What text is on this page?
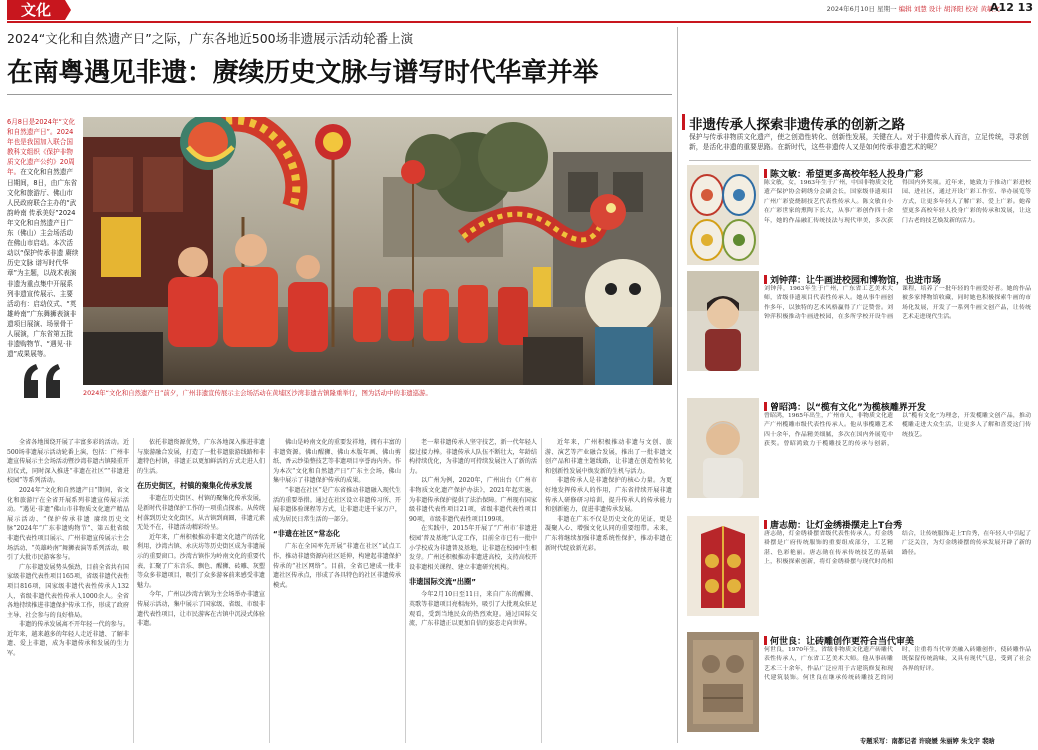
文化	2024年6月10日 星期一 编辑 刘慧 设计 胡泽阳 校对 黄敏文
A12 13
2024“文化和自然遗产日”之际，广东各地近500场非遗展示活动轮番上演
在南粤遇见非遗：赓续历史文脉与谱写时代华章并举
6月8日是2024年“文化和自然遗产日”。2024年也是我国加入联合国教科文组织《保护非物质文化遗产公约》20周年。在文化和自然遗产日期间，8日，由广东省文化和旅游厅、佛山市人民政府联合主办的“武韵岭南 传承美好”2024年文化和自然遗产日广东（佛山）主会场活动在佛山市启动。本次活动以“保护传承非遗 赓续历史文脉 谱写时代华章”为主题，以战术表演非遗为重点集中开展系列非遗宣传展示、主要活动有：启动仪式、“英雄岭南”广东舞狮表演非遗项目展演、场景骨干人展演，广东省第五批非遗购物节、“遇见·非遗”成果展等。
2024年“文化和自然遗产日”前夕，广州非遗宣传展示主会场活动在黄埔区沙湾非遗古镇隆重举行，图为活动中的非遗巡游。

全省各地围绕开展了丰富多彩的活动。近500场非遗展示活动轮番上演，包括：广州非遗宣传展示主会场活动暨沙湾非遗古镇隆重开启仪式，同时深入推进“非遗在社区”“非遗进校园”等系列活动。

2024年“文化和自然遗产日”期间，省文化和旅游厅在全省开展系列非遗宣传展示活动。“遇见·非遗”佛山市非物质文化遗产精品展示活动、“保护传承非遗 赓续历史文脉”2024年“广东非遗购物节”、第五批省级非遗代表性项目展示、广州非遗宣传展示主会场活动、“英雄岭南”舞狮表演等系列活动，吸引了大批市民游客参与。

广东非遗发展势头强劲，目前全省共有国家级非遗代表性项目165项，省级非遗代表性项目816项，国家级非遗代表性传承人132人，省级非遗代表性传承人1000余人。全省各地持续推进非遗保护传承工作，形成了政府主导、社会参与的良好格局。

非遗的传承发展离不开年轻一代的参与。近年来，越来越多的年轻人走近非遗、了解非遗、爱上非遗，成为非遗传承和发展的生力军。

依托非遗资源优势，广东各地深入推进非遗与旅游融合发展，打造了一批非遗旅游线路和非遗特色村镇，非遗正以更加鲜活的方式走进人们的生活。

在历史街区，村镇的聚集化传承发展

非遗在历史街区、村镇的聚集化传承发展，是新时代非遗保护工作的一项重点探索。从传统村落到历史文化街区，从古镇到商圈，非遗元素无处不在，非遗活动精彩纷呈。

近年来，广州积极推动非遗文化遗产的活化利用，沙湾古镇、永庆坊等历史街区成为非遗展示的重要窗口。沙湾古镇作为岭南文化的重要代表，汇聚了广东音乐、飘色、醒狮、砖雕、灰塑等众多非遗项目，吸引了众多游客前来感受非遗魅力。

今年，广州以沙湾古镇为主会场举办非遗宣传展示活动，集中展示了国家级、省级、市级非遗代表性项目，让市民游客在古镇中沉浸式体验非遗。

佛山是岭南文化的重要发祥地，拥有丰富的非遗资源。佛山醒狮、佛山木版年画、佛山剪纸、香云纱染整技艺等非遗项目享誉海内外。作为本次“文化和自然遗产日”广东主会场，佛山集中展示了非遗保护传承的成果。

“非遗在社区”是广东省推动非遗融入现代生活的重要举措。通过在社区设立非遗传习所、开展非遗体验课程等方式，让非遗走进千家万户，成为居民日常生活的一部分。

“非遗在社区”常态化

广东在全国率先开展“非遗在社区”试点工作，推动非遗资源向社区延伸，构建起非遗保护传承的“社区网络”。目前，全省已建成一批非遗社区传承点，形成了各具特色的社区非遗传承模式。

老一辈非遗传承人坚守技艺，新一代年轻人接过接力棒。非遗传承人队伍不断壮大，年龄结构持续优化，为非遗的可持续发展注入了新的活力。

以广州为例，2020年，广州出台《广州市非物质文化遗产保护办法》，2021年起实施，为非遗传承保护提供了法治保障。广州现有国家级非遗代表性项目21项，省级非遗代表性项目90项，市级非遗代表性项目199项。

在实践中，2015年开展了“广州市‘非遗进校园’普及基地”认定工作，目前全市已有一批中小学校成为非遗普及基地，让非遗在校园中生根发芽。广州还积极推动非遗进高校，支持高校开设非遗相关课程、建立非遗研究机构。

非遗国际交流“出圈”

今年2月10日至11日，来自广东的醒狮、英歌等非遗项目亮相海外，吸引了大批观众驻足观看，受到当地民众的热烈欢迎。通过国际交流，广东非遗正以更加自信的姿态走向世界。

近年来，广州积极推动非遗与文创、旅游、演艺等产业融合发展，推出了一批非遗文创产品和非遗主题线路，让非遗在创造性转化和创新性发展中焕发新的生机与活力。

非遗传承人是非遗保护的核心力量。为更好地发挥传承人的作用，广东省持续开展非遗传承人研修研习培训，提升传承人的传承能力和创新能力，促进非遗传承发展。

非遗在广东不仅是历史文化的见证，更是凝聚人心、增强文化认同的重要纽带。未来，广东将继续加强非遗系统性保护，推动非遗在新时代绽放新光彩。

非遗传承人探索非遗传承的创新之路
保护与传承非物质文化遗产，使之创造性转化、创新性发展，关键在人。对于非遗传承人而言，立足传统，寻求创新，是活化非遗的重要思路。在新时代，这些非遗传人又是如何传承非遗艺术的呢？
陈文敏：希望更多高校年轻人投身广彩
陈文敏，女，1963年生于广州，中国非物质文化遗产保护协会刺绣分会副会长，国家级非遗项目广州广彩瓷烧制技艺代表性传承人。陈文敏自小在广彩世家的熏陶下长大，从事广彩创作四十余年，她的作品融汇传统技法与现代审美，多次获得国内外奖项。近年来，她致力于推动广彩进校园、进社区，通过开设广彩工作室、举办展览等方式，让更多年轻人了解广彩、爱上广彩。她希望更多高校年轻人投身广彩的传承和发展，让这门古老的技艺焕发新的活力。
刘钟萍：让牛画进校园和博物馆，也进市场
刘钟萍，1963年生于广州，广东省工艺美术大师，省级非遗项目代表性传承人。她从事牛画创作多年，以独特的艺术风格赢得了广泛赞誉。刘钟萍积极推动牛画进校园，在多所学校开设牛画课程，培养了一批年轻的牛画爱好者。她的作品被多家博物馆收藏，同时她也积极探索牛画的市场化发展，开发了一系列牛画文创产品，让传统艺术走进现代生活。
曾昭鸿：以“榄有文化”为榄核雕界开发
曾昭鸿，1965年出生，广州市人，非物质文化遗产广州榄雕市级代表性传承人。他从事榄雕艺术四十余年，作品精美细腻，多次在国内外展览中获奖。曾昭鸿致力于榄雕技艺的传承与创新，以“榄有文化”为理念，开发榄雕文创产品，推动榄雕走进大众生活，让更多人了解和喜爱这门传统技艺。
唐志勋：让灯金绣褂摆走上T台秀
唐志勋，灯金绣褂摆省级代表性传承人。灯金绣褂摆是广府传统服饰的重要组成部分，工艺精湛、色彩艳丽。唐志勋在传承传统技艺的基础上，积极探索创新，将灯金绣褂摆与现代时尚相结合，让传统服饰走上T台秀，在年轻人中引起了广泛关注，为灯金绣褂摆的传承发展开辟了新的路径。
何世良：让砖雕创作更符合当代审美
何世良，1970年生，省级非物质文化遗产砖雕代表性传承人，广东省工艺美术大师。他从事砖雕艺术三十余年，作品广泛应用于古建筑修复和现代建筑装饰。何世良在继承传统砖雕技艺的同时，注重将当代审美融入砖雕创作，使砖雕作品既保留传统韵味，又具有现代气息，受到了社会各界的好评。
专题采写：南都记者 许晓媛 朱丽婷 朱戈宇 裴晗
